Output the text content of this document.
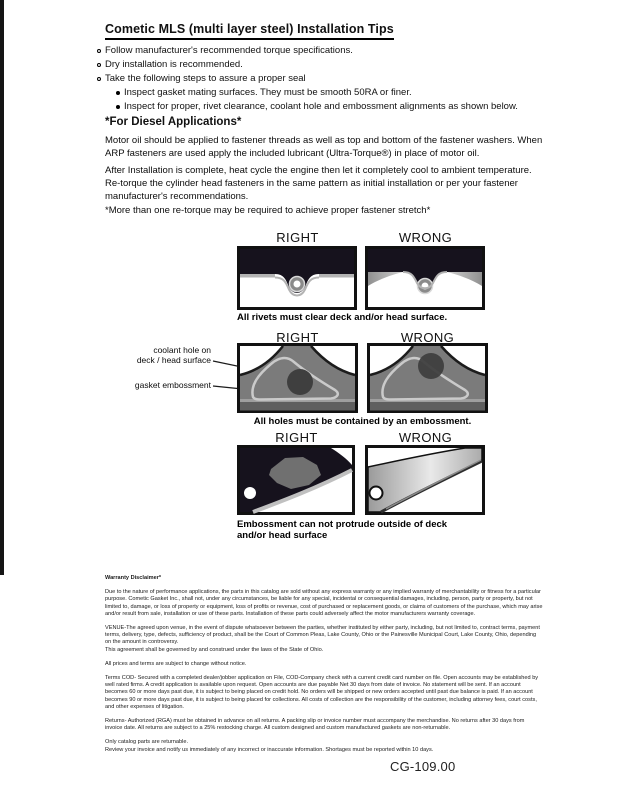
Cometic MLS (multi layer steel) Installation Tips
Follow manufacturer's recommended torque specifications.
Dry installation is recommended.
Take the following steps to assure a proper seal
Inspect gasket mating surfaces. They must be smooth 50RA or finer.
Inspect for proper, rivet clearance, coolant hole and embossment alignments as shown below.
*For Diesel Applications*
Motor oil should be applied to fastener threads as well as top and bottom of the fastener washers. When ARP fasteners are used apply the included lubricant (Ultra-Torque®) in place of motor oil.
After Installation is complete, heat cycle the engine then let it completely cool to ambient temperature. Re-torque the cylinder head fasteners in the same pattern as initial installation or per your fastener manufacturer's recommendations.
*More than one re-torque may be required to achieve proper fastener stretch*
RIGHT	WRONG
All rivets must clear deck and/or head surface.
RIGHT	WRONG
coolant hole on
deck / head surface
gasket embossment
All holes must be contained by an embossment.
RIGHT	WRONG
Embossment can not protrude outside of deck
and/or head surface
Warranty Disclaimer*
Due to the nature of performance applications, the parts in this catalog are sold without any express warranty or any implied warranty of merchantability or fitness for a particular purpose. Cometic Gasket Inc., shall not, under any circumstances, be liable for any special, incidental or consequential damages, including, person, party or property, but not limited to, damage, or loss of property or equipment, loss of profits or revenue, cost of purchased or replacement goods, or claims of customers of the purchase, which may arise and/or result from sale, installation or use of these parts. Installation of these parts could adversely affect the motor manufacturers warranty coverage.
VENUE-The agreed upon venue, in the event of dispute whatsoever between the parties, whether instituted by either party, including, but not limited to, contract terms, payment terms, delivery, type, defects, sufficiency of product, shall be the Court of Common Pleas, Lake County, Ohio or the Painesville Municipal Court, Lake County, Ohio, depending on the amount in controversy.
This agreement shall be governed by and construed under the laws of the State of Ohio.
All prices and terms are subject to change without notice.
Terms COD- Secured with a completed dealer/jobber application on File, COD-Company check with a current credit card number on file. Open accounts may be established by well rated firms. A credit application is available upon request. Open accounts are due payable Net 30 days from date of invoice. No statement will be sent. If an account becomes 60 or more days past due, it is subject to being placed on credit hold. No orders will be shipped or new orders accepted until past due balance is paid. If an account becomes 90 or more days past due, it is subject to being placed for collections. All costs of collection are the responsibility of the customer, including attorney fees, court costs, and other expenses of litigation.
Returns- Authorized (RGA) must be obtained in advance on all returns. A packing slip or invoice number must accompany the merchandise. No returns after 30 days from invoice date. All returns are subject to a 25% restocking charge. All custom designed and custom manufactured gaskets are non-returnable.
Only catalog parts are returnable.
Review your invoice and notify us immediately of any incorrect or inaccurate information. Shortages must be reported within 10 days.
CG-109.00
